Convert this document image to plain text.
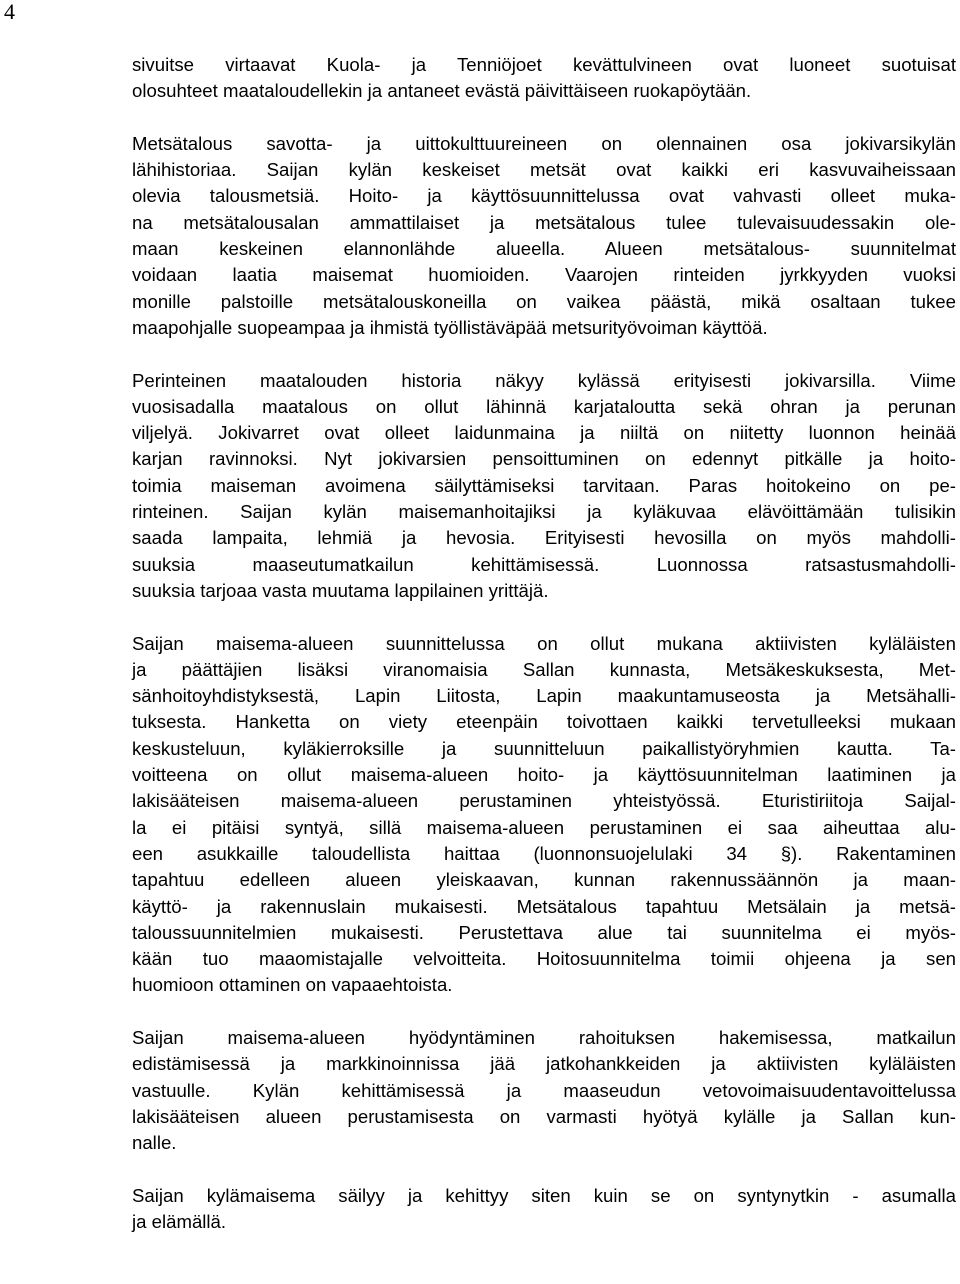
4
sivuitse virtaavat Kuola- ja Tenniöjoet kevättulvineen ovat luoneet suotuisat
olosuhteet maataloudellekin ja antaneet evästä päivittäiseen ruokapöytään.
Metsätalous savotta- ja uittokulttuureineen on olennainen osa jokivarsikylän
lähihistoriaa. Saijan kylän keskeiset metsät ovat kaikki eri kasvuvaiheissaan
olevia talousmetsiä. Hoito- ja käyttösuunnittelussa ovat vahvasti olleet muka-
na metsätalousalan ammattilaiset ja metsätalous tulee tulevaisuudessakin ole-
maan keskeinen elannonlähde alueella. Alueen metsätalous- suunnitelmat
voidaan laatia maisemat huomioiden. Vaarojen rinteiden jyrkkyyden vuoksi
monille palstoille metsätalouskoneilla on vaikea päästä, mikä osaltaan tukee
maapohjalle suopeampaa ja ihmistä työllistäväpää metsurityövoiman käyttöä.
Perinteinen maatalouden historia näkyy kylässä erityisesti jokivarsilla. Viime
vuosisadalla maatalous on ollut lähinnä karjataloutta sekä ohran ja perunan
viljelyä. Jokivarret ovat olleet laidunmaina ja niiltä on niitetty luonnon heinää
karjan ravinnoksi. Nyt jokivarsien pensoittuminen on edennyt pitkälle ja hoito-
toimia maiseman avoimena säilyttämiseksi tarvitaan. Paras hoitokeino on pe-
rinteinen. Saijan kylän maisemanhoitajiksi ja kyläkuvaa elävöittämään tulisikin
saada lampaita, lehmiä ja hevosia. Erityisesti hevosilla on myös mahdolli-
suuksia maaseutumatkailun kehittämisessä. Luonnossa ratsastusmahdolli-
suuksia tarjoaa vasta muutama lappilainen yrittäjä.
Saijan maisema-alueen suunnittelussa on ollut mukana aktiivisten kyläläisten
ja päättäjien lisäksi viranomaisia Sallan kunnasta, Metsäkeskuksesta, Met-
sänhoitoyhdistyksestä, Lapin Liitosta, Lapin maakuntamuseosta ja Metsähalli-
tuksesta. Hanketta on viety eteenpäin toivottaen kaikki tervetulleeksi mukaan
keskusteluun, kyläkierroksille ja suunnitteluun paikallistyöryhmien kautta. Ta-
voitteena on ollut maisema-alueen hoito- ja käyttösuunnitelman laatiminen ja
lakisääteisen maisema-alueen perustaminen yhteistyössä. Eturistiriitoja Saijal-
la ei pitäisi syntyä, sillä maisema-alueen perustaminen ei saa aiheuttaa alu-
een asukkaille taloudellista haittaa (luonnonsuojelulaki 34 §). Rakentaminen
tapahtuu edelleen alueen yleiskaavan, kunnan rakennussäännön ja maan-
käyttö- ja rakennuslain mukaisesti. Metsätalous tapahtuu Metsälain ja metsä-
taloussuunnitelmien mukaisesti. Perustettava alue tai suunnitelma ei myös-
kään tuo maaomistajalle velvoitteita. Hoitosuunnitelma toimii ohjeena ja sen
huomioon ottaminen on vapaaehtoista.
Saijan maisema-alueen hyödyntäminen rahoituksen hakemisessa, matkailun
edistämisessä ja markkinoinnissa jää jatkohankkeiden ja aktiivisten kyläläisten
vastuulle. Kylän kehittämisessä ja maaseudun vetovoimaisuudentavoittelussa
lakisääteisen alueen perustamisesta on varmasti hyötyä kylälle ja Sallan kun-
nalle.
Saijan kylämaisema säilyy ja kehittyy siten kuin se on syntynytkin - asumalla
ja elämällä.
